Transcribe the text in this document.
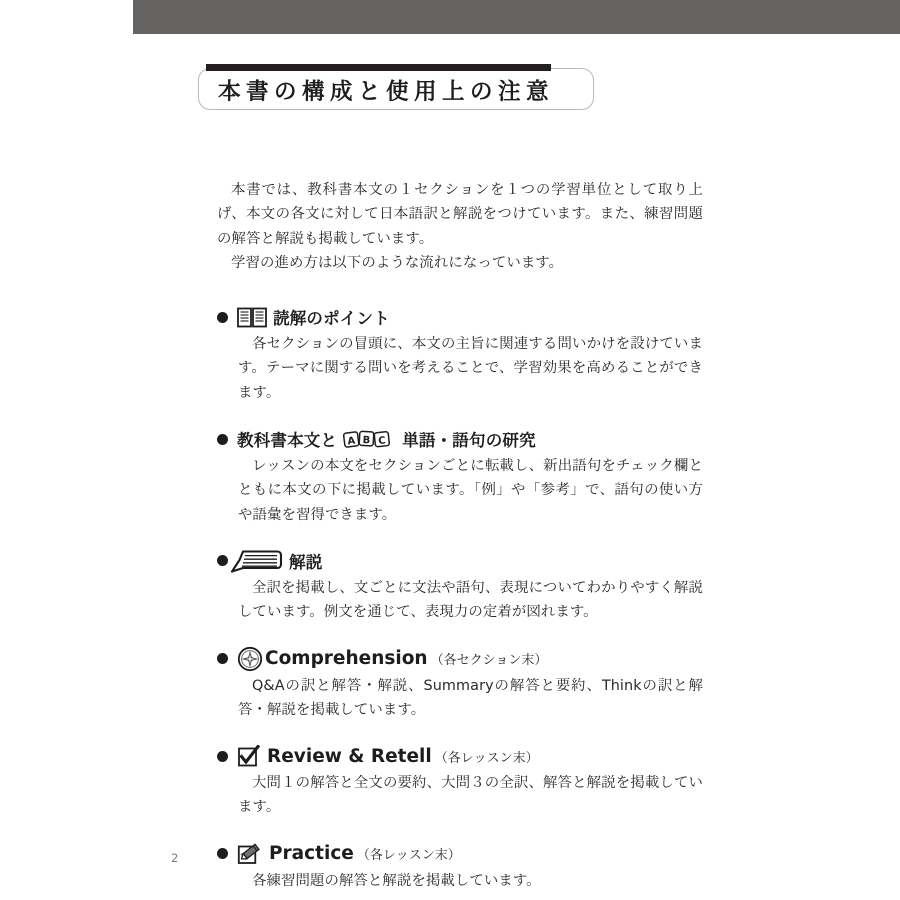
本書の構成と使用上の注意

本書では、教科書本文の１セクションを１つの学習単位として取り上げ、本文の各文に対して日本語訳と解説をつけています。また、練習問題の解答と解説も掲載しています。

学習の進め方は以下のような流れになっています。

読解のポイント

各セクションの冒頭に、本文の主旨に関連する問いかけを設けています。テーマに関する問いを考えることで、学習効果を高めることができます。

教科書本文と A B C 単語・語句の研究

レッスンの本文をセクションごとに転載し、新出語句をチェック欄とともに本文の下に掲載しています。「例」や「参考」で、語句の使い方や語彙を習得できます。

解説

全訳を掲載し、文ごとに文法や語句、表現についてわかりやすく解説しています。例文を通じて、表現力の定着が図れます。

Comprehension （各セクション末）

Q&Aの訳と解答・解説、Summaryの解答と要約、Thinkの訳と解答・解説を掲載しています。

Review & Retell （各レッスン末）

大問１の解答と全文の要約、大問３の全訳、解答と解説を掲載しています。

Practice （各レッスン末）

各練習問題の解答と解説を掲載しています。

2
